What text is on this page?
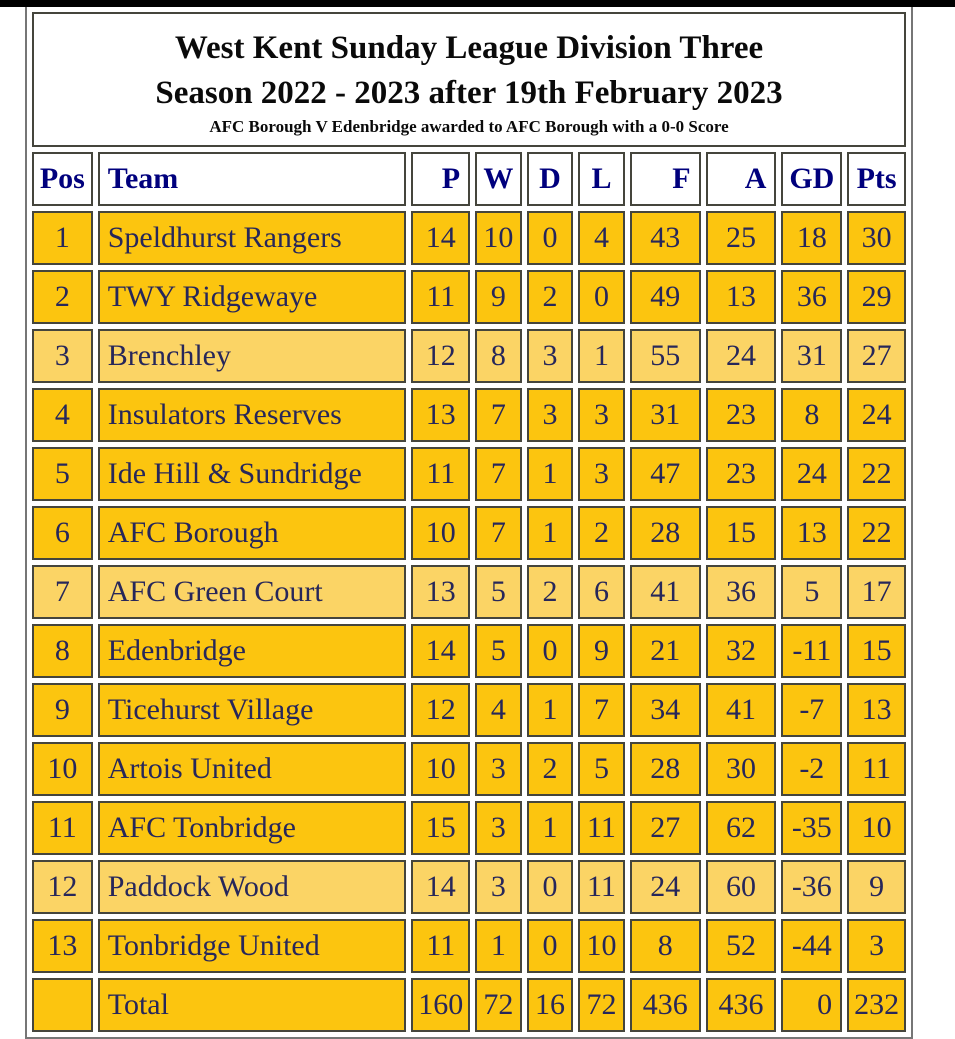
West Kent Sunday League Division Three
Season 2022 - 2023 after 19th February 2023
AFC Borough V Edenbridge awarded to AFC Borough with a 0-0 Score									

Pos	Team	P	W	D	L	F	A	GD	Pts
1	Speldhurst Rangers	14	10	0	4	43	25	18	30
2	TWY Ridgewaye	11	9	2	0	49	13	36	29
3	Brenchley	12	8	3	1	55	24	31	27
4	Insulators Reserves	13	7	3	3	31	23	8	24
5	Ide Hill & Sundridge	11	7	1	3	47	23	24	22
6	AFC Borough	10	7	1	2	28	15	13	22
7	AFC Green Court	13	5	2	6	41	36	5	17
8	Edenbridge	14	5	0	9	21	32	-11	15
9	Ticehurst Village	12	4	1	7	34	41	-7	13
10	Artois United	10	3	2	5	28	30	-2	11
11	AFC Tonbridge	15	3	1	11	27	62	-35	10
12	Paddock Wood	14	3	0	11	24	60	-36	9
13	Tonbridge United	11	1	0	10	8	52	-44	3
	Total	160	72	16	72	436	436	0	232
